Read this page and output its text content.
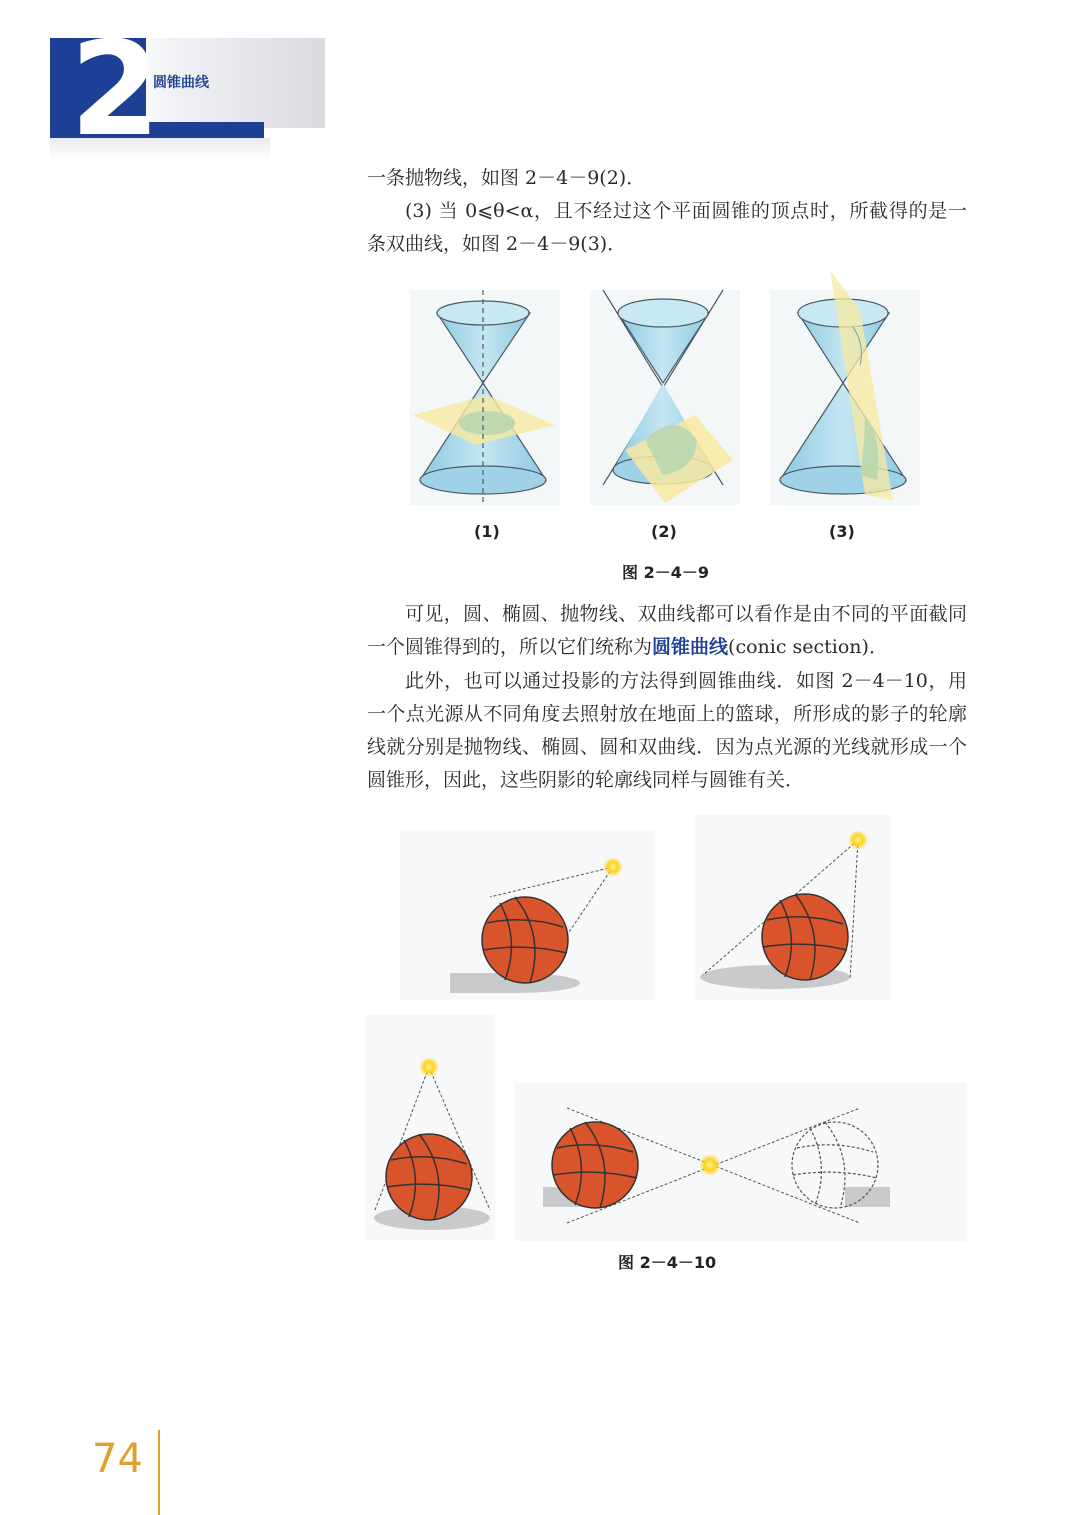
2
圆锥曲线

一条抛物线，如图 2－4－9(2)．

(3) 当 0⩽θ<α，且不经过这个平面圆锥的顶点时，所截得的是一条双曲线，如图 2－4－9(3)．

(1)	(2)	(3)
图 2－4－9

可见，圆、椭圆、抛物线、双曲线都可以看作是由不同的平面截同一个圆锥得到的，所以它们统称为圆锥曲线(conic section)．

此外，也可以通过投影的方法得到圆锥曲线．如图 2－4－10，用一个点光源从不同角度去照射放在地面上的篮球，所形成的影子的轮廓线就分别是抛物线、椭圆、圆和双曲线．因为点光源的光线就形成一个圆锥形，因此，这些阴影的轮廓线同样与圆锥有关．

图 2－4－10
74
